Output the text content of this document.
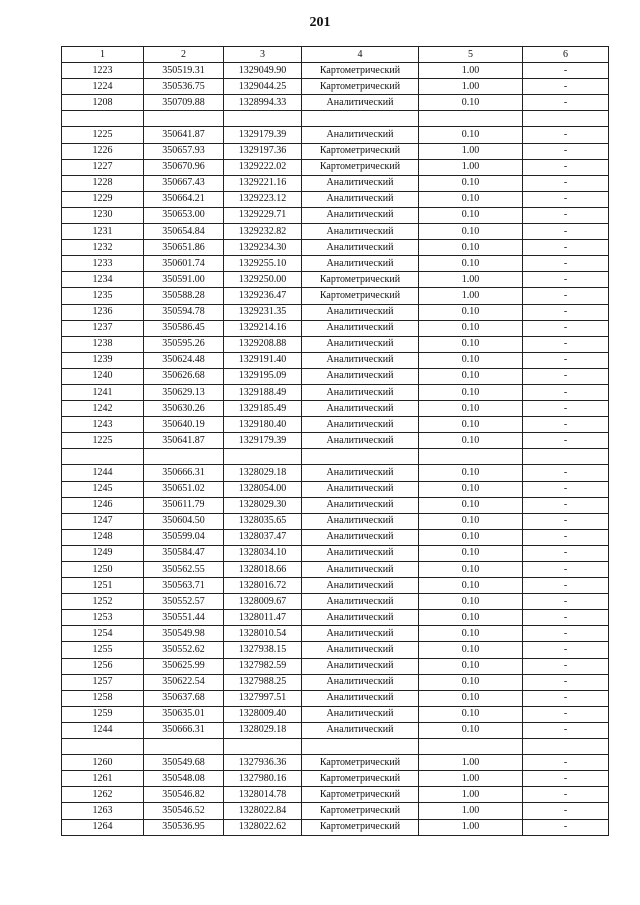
201
1	2	3	4	5	6
1223	350519.31	1329049.90	Картометрический	1.00	-
1224	350536.75	1329044.25	Картометрический	1.00	-
1208	350709.88	1328994.33	Аналитический	0.10	-

1225	350641.87	1329179.39	Аналитический	0.10	-
1226	350657.93	1329197.36	Картометрический	1.00	-
1227	350670.96	1329222.02	Картометрический	1.00	-
1228	350667.43	1329221.16	Аналитический	0.10	-
1229	350664.21	1329223.12	Аналитический	0.10	-
1230	350653.00	1329229.71	Аналитический	0.10	-
1231	350654.84	1329232.82	Аналитический	0.10	-
1232	350651.86	1329234.30	Аналитический	0.10	-
1233	350601.74	1329255.10	Аналитический	0.10	-
1234	350591.00	1329250.00	Картометрический	1.00	-
1235	350588.28	1329236.47	Картометрический	1.00	-
1236	350594.78	1329231.35	Аналитический	0.10	-
1237	350586.45	1329214.16	Аналитический	0.10	-
1238	350595.26	1329208.88	Аналитический	0.10	-
1239	350624.48	1329191.40	Аналитический	0.10	-
1240	350626.68	1329195.09	Аналитический	0.10	-
1241	350629.13	1329188.49	Аналитический	0.10	-
1242	350630.26	1329185.49	Аналитический	0.10	-
1243	350640.19	1329180.40	Аналитический	0.10	-
1225	350641.87	1329179.39	Аналитический	0.10	-

1244	350666.31	1328029.18	Аналитический	0.10	-
1245	350651.02	1328054.00	Аналитический	0.10	-
1246	350611.79	1328029.30	Аналитический	0.10	-
1247	350604.50	1328035.65	Аналитический	0.10	-
1248	350599.04	1328037.47	Аналитический	0.10	-
1249	350584.47	1328034.10	Аналитический	0.10	-
1250	350562.55	1328018.66	Аналитический	0.10	-
1251	350563.71	1328016.72	Аналитический	0.10	-
1252	350552.57	1328009.67	Аналитический	0.10	-
1253	350551.44	1328011.47	Аналитический	0.10	-
1254	350549.98	1328010.54	Аналитический	0.10	-
1255	350552.62	1327938.15	Аналитический	0.10	-
1256	350625.99	1327982.59	Аналитический	0.10	-
1257	350622.54	1327988.25	Аналитический	0.10	-
1258	350637.68	1327997.51	Аналитический	0.10	-
1259	350635.01	1328009.40	Аналитический	0.10	-
1244	350666.31	1328029.18	Аналитический	0.10	-

1260	350549.68	1327936.36	Картометрический	1.00	-
1261	350548.08	1327980.16	Картометрический	1.00	-
1262	350546.82	1328014.78	Картометрический	1.00	-
1263	350546.52	1328022.84	Картометрический	1.00	-
1264	350536.95	1328022.62	Картометрический	1.00	-
